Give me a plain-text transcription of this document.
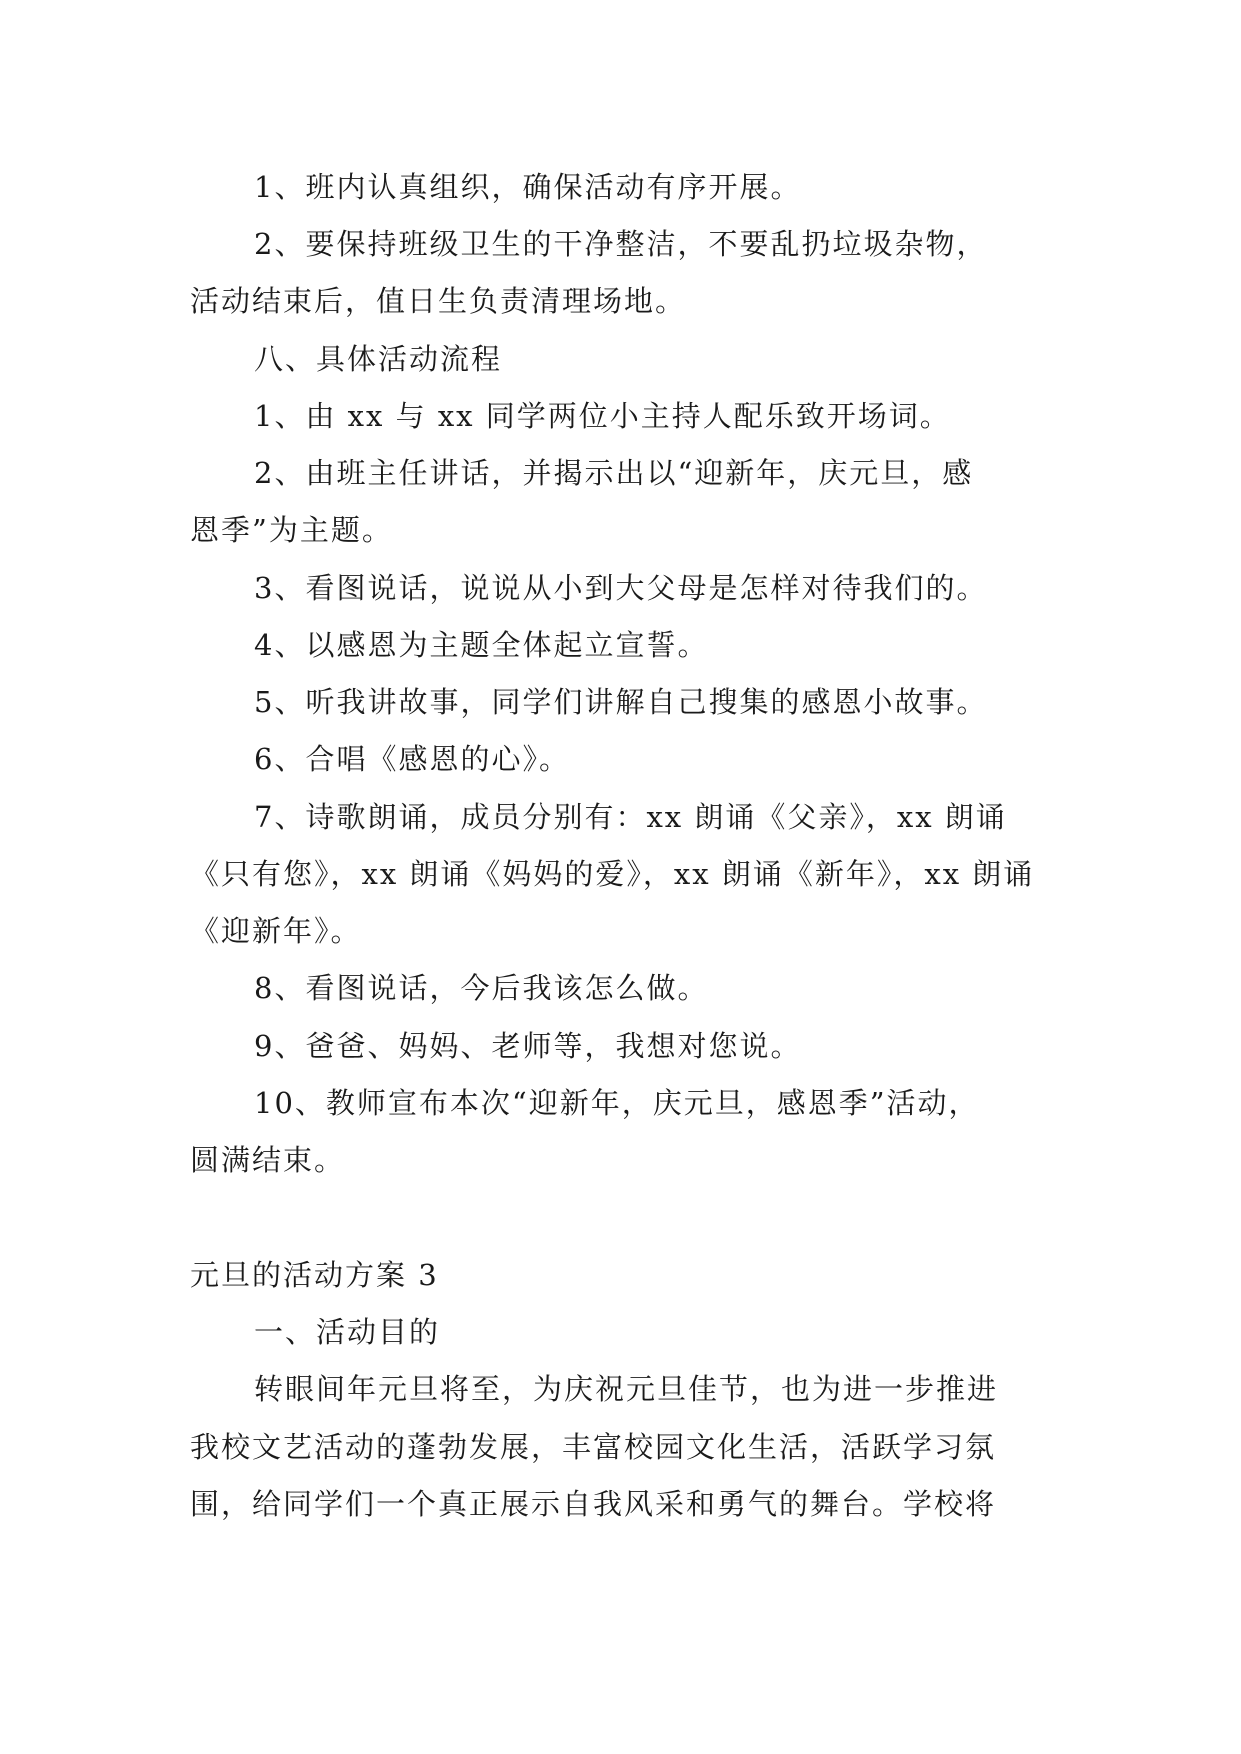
1、班内认真组织，确保活动有序开展。
2、要保持班级卫生的干净整洁，不要乱扔垃圾杂物，
活动结束后，值日生负责清理场地。
八、具体活动流程
1、由 xx 与 xx 同学两位小主持人配乐致开场词。
2、由班主任讲话，并揭示出以“迎新年，庆元旦，感
恩季”为主题。
3、看图说话，说说从小到大父母是怎样对待我们的。
4、以感恩为主题全体起立宣誓。
5、听我讲故事，同学们讲解自己搜集的感恩小故事。
6、合唱《感恩的心》。
7、诗歌朗诵，成员分别有：xx 朗诵《父亲》，xx 朗诵
《只有您》，xx 朗诵《妈妈的爱》，xx 朗诵《新年》，xx 朗诵
《迎新年》。
8、看图说话，今后我该怎么做。
9、爸爸、妈妈、老师等，我想对您说。
10、教师宣布本次“迎新年，庆元旦，感恩季”活动，
圆满结束。
元旦的活动方案 3
一、活动目的
转眼间年元旦将至，为庆祝元旦佳节，也为进一步推进
我校文艺活动的蓬勃发展，丰富校园文化生活，活跃学习氛
围，给同学们一个真正展示自我风采和勇气的舞台。学校将
